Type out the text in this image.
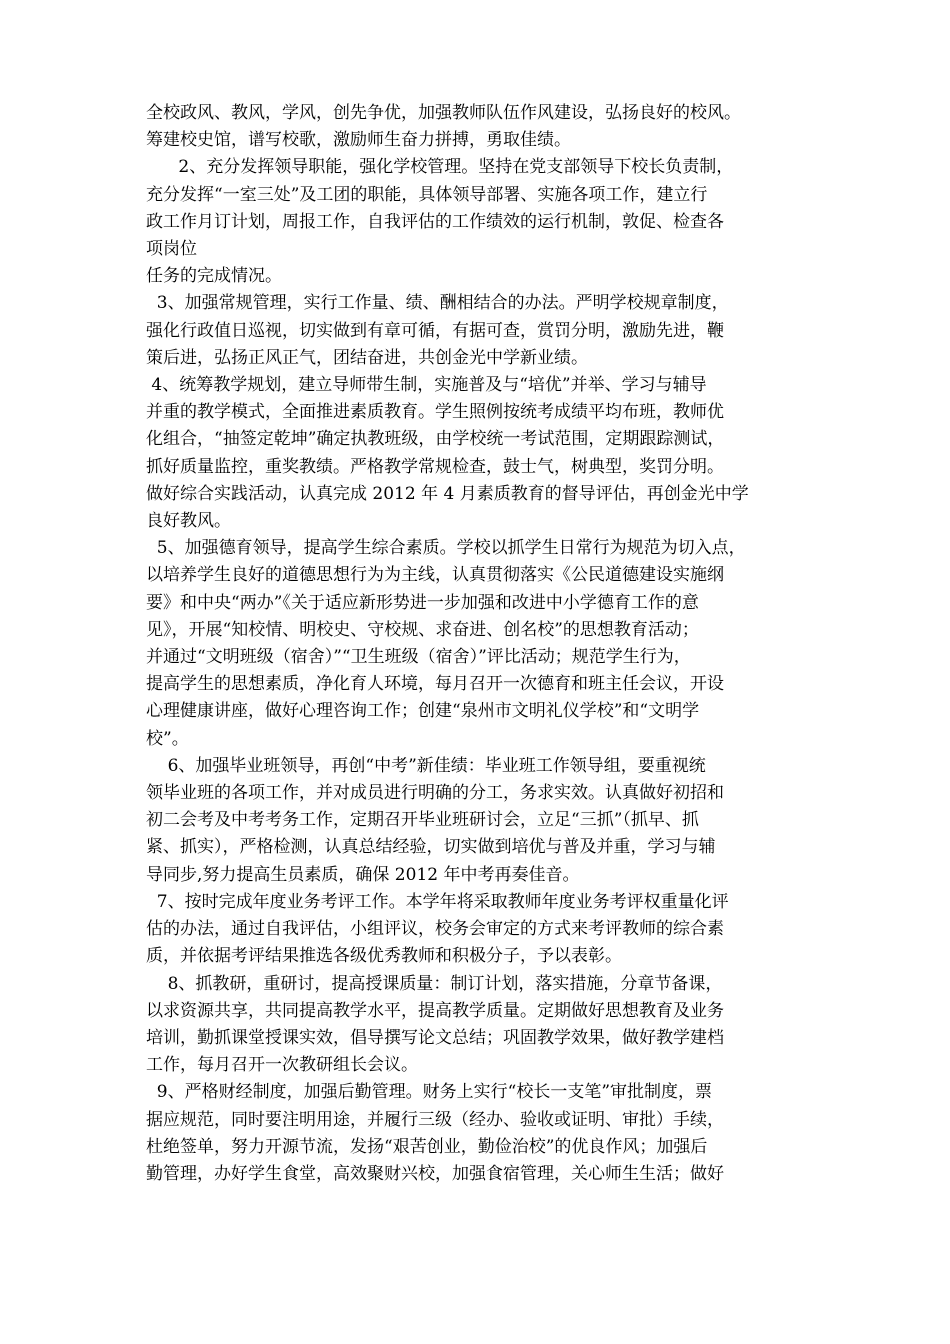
全校政风、教风，学风，创先争优，加强教师队伍作风建设，弘扬良好的校风。
筹建校史馆，谱写校歌，激励师生奋力拼搏，勇取佳绩。
2、充分发挥领导职能，强化学校管理。坚持在党支部领导下校长负责制，
充分发挥“一室三处”及工团的职能，具体领导部署、实施各项工作，建立行
政工作月订计划，周报工作，自我评估的工作绩效的运行机制，敦促、检查各
项岗位
任务的完成情况。
3、加强常规管理，实行工作量、绩、酬相结合的办法。严明学校规章制度，
强化行政值日巡视，切实做到有章可循，有据可查，赏罚分明，激励先进，鞭
策后进，弘扬正风正气，团结奋进，共创金光中学新业绩。
4、统筹教学规划，建立导师带生制，实施普及与“培优”并举、学习与辅导
并重的教学模式，全面推进素质教育。学生照例按统考成绩平均布班，教师优
化组合，“抽签定乾坤”确定执教班级，由学校统一考试范围，定期跟踪测试，
抓好质量监控，重奖教绩。严格教学常规检查，鼓士气，树典型，奖罚分明。
做好综合实践活动，认真完成 2012 年 4 月素质教育的督导评估，再创金光中学
良好教风。
5、加强德育领导，提高学生综合素质。学校以抓学生日常行为规范为切入点，
以培养学生良好的道德思想行为为主线，认真贯彻落实《公民道德建设实施纲
要》和中央“两办”《关于适应新形势进一步加强和改进中小学德育工作的意
见》，开展“知校情、明校史、守校规、求奋进、创名校”的思想教育活动；
并通过“文明班级（宿舍）”“卫生班级（宿舍）”评比活动；规范学生行为，
提高学生的思想素质，净化育人环境，每月召开一次德育和班主任会议，开设
心理健康讲座，做好心理咨询工作；创建“泉州市文明礼仪学校”和“文明学
校”。
6、加强毕业班领导，再创“中考”新佳绩：毕业班工作领导组，要重视统
领毕业班的各项工作，并对成员进行明确的分工，务求实效。认真做好初招和
初二会考及中考考务工作，定期召开毕业班研讨会，立足“三抓”（抓早、抓
紧、抓实），严格检测，认真总结经验，切实做到培优与普及并重，学习与辅
导同步,努力提高生员素质，确保 2012 年中考再奏佳音。
7、按时完成年度业务考评工作。本学年将采取教师年度业务考评权重量化评
估的办法，通过自我评估，小组评议，校务会审定的方式来考评教师的综合素
质，并依据考评结果推选各级优秀教师和积极分子，予以表彰。
8、抓教研，重研讨，提高授课质量：制订计划，落实措施，分章节备课，
以求资源共享，共同提高教学水平，提高教学质量。定期做好思想教育及业务
培训，勤抓课堂授课实效，倡导撰写论文总结；巩固教学效果，做好教学建档
工作，每月召开一次教研组长会议。
9、严格财经制度，加强后勤管理。财务上实行“校长一支笔”审批制度，票
据应规范，同时要注明用途，并履行三级（经办、验收或证明、审批）手续，
杜绝签单，努力开源节流，发扬“艰苦创业，勤俭治校”的优良作风；加强后
勤管理，办好学生食堂，高效聚财兴校，加强食宿管理，关心师生生活；做好
